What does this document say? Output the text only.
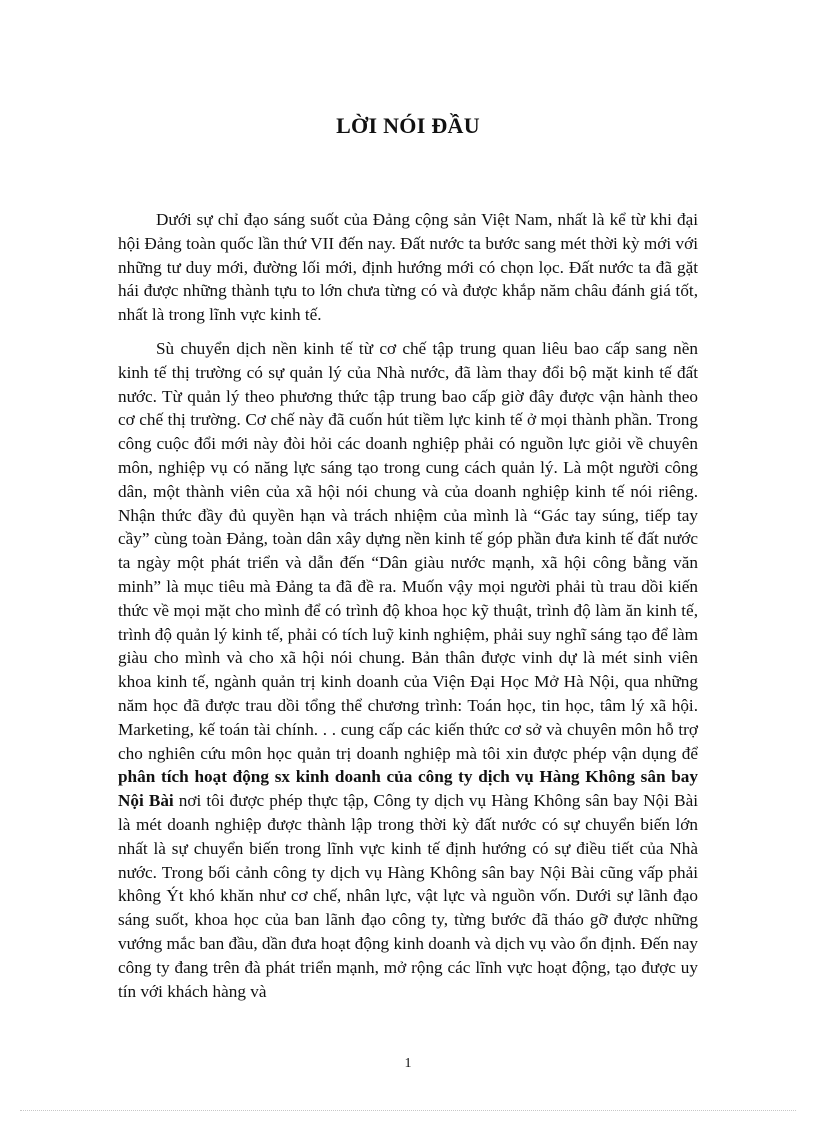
LỜI NÓI ĐẦU

Dưới sự chỉ đạo sáng suốt của Đảng cộng sản Việt Nam, nhất là kể từ khi đại hội Đảng toàn quốc lần thứ VII đến nay. Đất nước ta bước sang mét thời kỳ mới với những tư duy mới, đường lối mới, định hướng mới có chọn lọc. Đất nước ta đã gặt hái được những thành tựu to lớn chưa từng có và được khắp năm châu đánh giá tốt, nhất là trong lĩnh vực kinh tế.

Sù chuyển dịch nền kinh tế từ cơ chế tập trung quan liêu bao cấp sang nền kinh tế thị trường có sự quản lý của Nhà nước, đã làm thay đổi bộ mặt kinh tế đất nước. Từ quản lý theo phương thức tập trung bao cấp giờ đây được vận hành theo cơ chế thị trường. Cơ chế này đã cuốn hút tiềm lực kinh tế ở mọi thành phần. Trong công cuộc đổi mới này đòi hỏi các doanh nghiệp phải có nguồn lực giỏi về chuyên môn, nghiệp vụ có năng lực sáng tạo trong cung cách quản lý. Là một người công dân, một thành viên của xã hội nói chung và của doanh nghiệp kinh tế nói riêng. Nhận thức đầy đủ quyền hạn và trách nhiệm của mình là “Gác tay súng, tiếp tay cầy” cùng toàn Đảng, toàn dân xây dựng nền kinh tế góp phần đưa kinh tế đất nước ta ngày một phát triển và dẫn đến “Dân giàu nước mạnh, xã hội công bằng văn minh” là mục tiêu mà Đảng ta đã đề ra. Muốn vậy mọi người phải tù trau dồi kiến thức về mọi mặt cho mình để có trình độ khoa học kỹ thuật, trình độ làm ăn kinh tế, trình độ quản lý kinh tế, phải có tích luỹ kinh nghiệm, phải suy nghĩ sáng tạo để làm giàu cho mình và cho xã hội nói chung. Bản thân được vinh dự là mét sinh viên khoa kinh tế, ngành quản trị kinh doanh của Viện Đại Học Mở Hà Nội, qua những năm học đã được trau dồi tổng thể chương trình: Toán học, tin học, tâm lý xã hội. Marketing, kế toán tài chính. . . cung cấp các kiến thức cơ sở và chuyên môn hỗ trợ cho nghiên cứu môn học quản trị doanh nghiệp mà tôi xin được phép vận dụng để phân tích hoạt động sx kinh doanh của công ty dịch vụ Hàng Không sân bay Nội Bài nơi tôi được phép thực tập, Công ty dịch vụ Hàng Không sân bay Nội Bài là mét doanh nghiệp được thành lập trong thời kỳ đất nước có sự chuyển biến lớn nhất là sự chuyển biến trong lĩnh vực kinh tế định hướng có sự điều tiết của Nhà nước. Trong bối cảnh công ty dịch vụ Hàng Không sân bay Nội Bài cũng vấp phải không Ýt khó khăn như cơ chế, nhân lực, vật lực và nguồn vốn. Dưới sự lãnh đạo sáng suốt, khoa học của ban lãnh đạo công ty, từng bước đã tháo gỡ được những vướng mắc ban đầu, dần đưa hoạt động kinh doanh và dịch vụ vào ổn định. Đến nay công ty đang trên đà phát triển mạnh, mở rộng các lĩnh vực hoạt động, tạo được uy tín với khách hàng và

1
